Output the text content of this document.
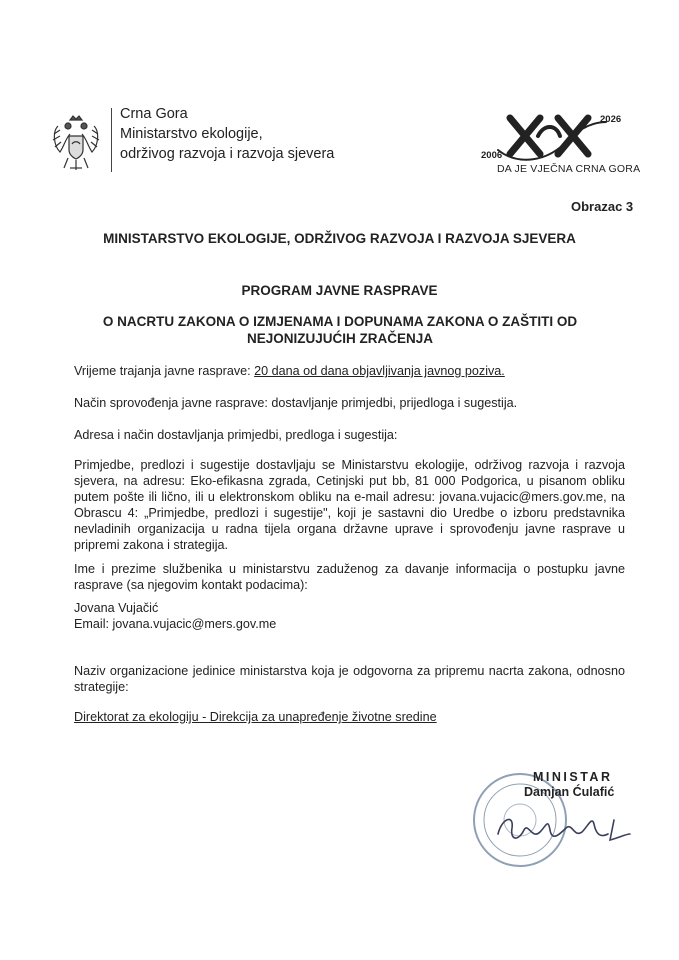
Crna Gora
Ministarstvo ekologije,
održivog razvoja i razvoja sjevera	2006
2026
DA JE VJEČNA CRNA GORA
Obrazac 3
MINISTARSTVO EKOLOGIJE, ODRŽIVOG RAZVOJA I RAZVOJA SJEVERA
PROGRAM JAVNE RASPRAVE
O NACRTU ZAKONA O IZMJENAMA I DOPUNAMA ZAKONA O ZAŠTITI OD NEJONIZUJUĆIH ZRAČENJA
Vrijeme trajanja javne rasprave: 20 dana od dana objavljivanja javnog poziva.
Način sprovođenja javne rasprave: dostavljanje primjedbi, prijedloga i sugestija.
Adresa i način dostavljanja primjedbi, predloga i sugestija:
Primjedbe, predlozi i sugestije dostavljaju se Ministarstvu ekologije, održivog razvoja i razvoja sjevera, na adresu: Eko-efikasna zgrada, Cetinjski put bb, 81 000 Podgorica, u pisanom obliku putem pošte ili lično, ili u elektronskom obliku na e-mail adresu: jovana.vujacic@mers.gov.me, na Obrascu 4: „Primjedbe, predlozi i sugestije", koji je sastavni dio Uredbe o izboru predstavnika nevladinih organizacija u radna tijela organa državne uprave i sprovođenju javne rasprave u pripremi zakona i strategija.
Ime i prezime službenika u ministarstvu zaduženog za davanje informacija o postupku javne rasprave (sa njegovim kontakt podacima):
Jovana Vujačić
Email: jovana.vujacic@mers.gov.me
Naziv organizacione jedinice ministarstva koja je odgovorna za pripremu nacrta zakona, odnosno strategije:
Direktorat za ekologiju - Direkcija za unapređenje životne sredine
MINISTAR
Damjan Ćulafić
